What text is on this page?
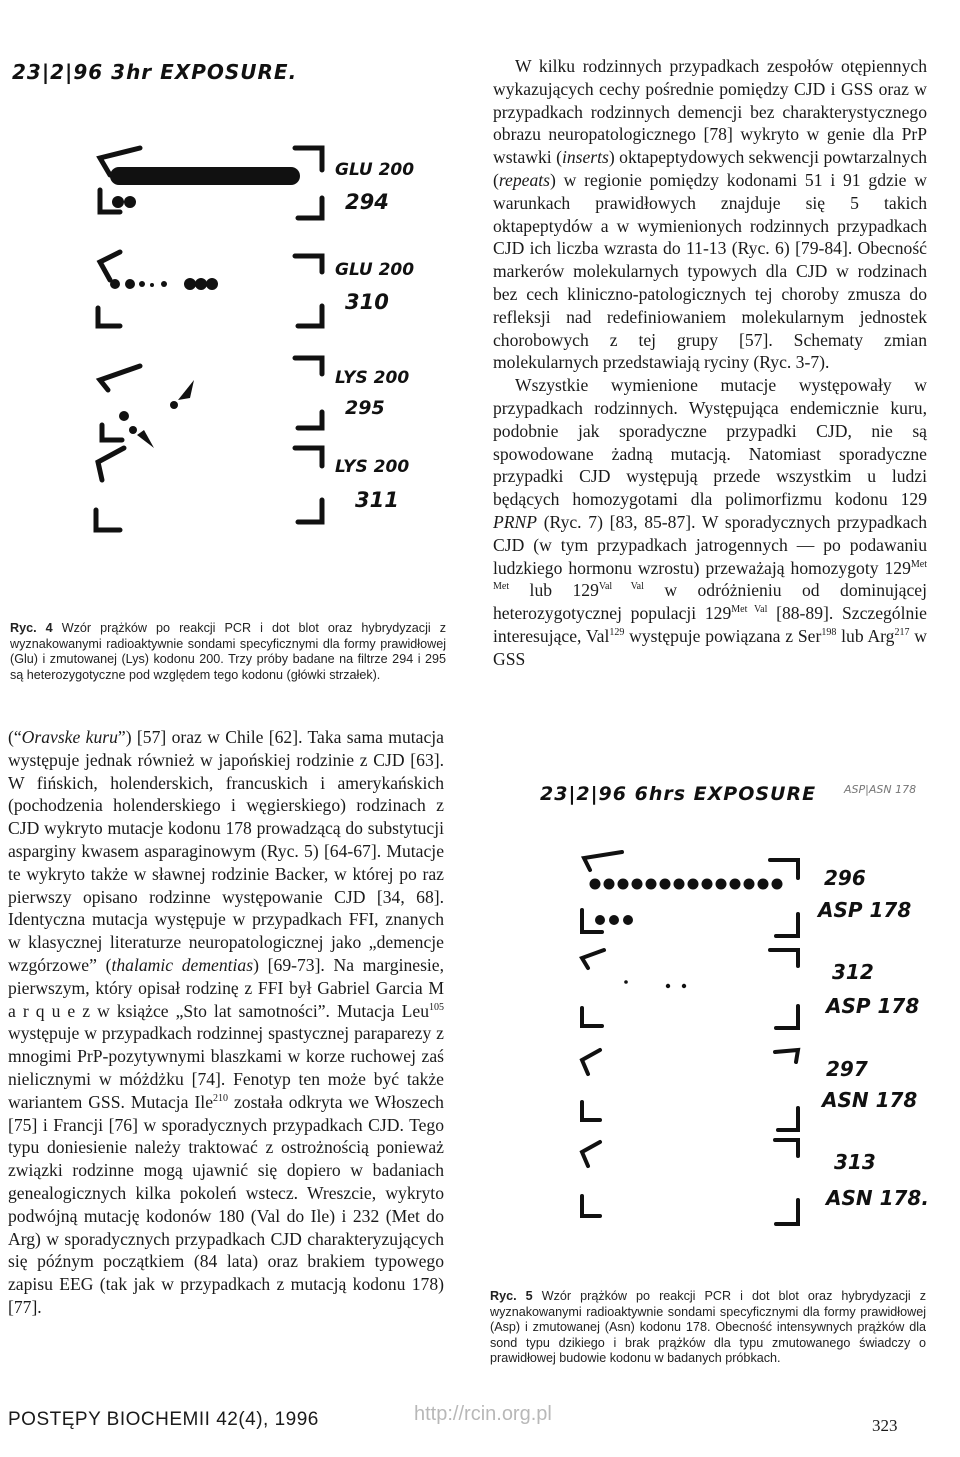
23|2|96 3hr EXPOSURE.
GLU 200
294
GLU 200
310
LYS 200
295
LYS 200
311
Ryc. 4 Wzór prążków po reakcji PCR i dot blot oraz hybrydyzacji z wyznakowanymi radioaktywnie sondami specyficznymi dla formy prawidłowej (Glu) i zmutowanej (Lys) kodonu 200. Trzy próby badane na filtrze 294 i 295 są heterozygotyczne pod względem tego kodonu (główki strzałek).

(“Oravske kuru”) [57] oraz w Chile [62]. Taka sama mutacja występuje jednak również w japońskiej rodzinie z CJD [63]. W fińskich, holenderskich, francuskich i amerykańskich (pochodzenia holenderskiego i węgierskiego) rodzinach z CJD wykryto mutacje kodonu 178 prowadzącą do substytucji asparginy kwasem asparaginowym (Ryc. 5) [64-67]. Mutacje te wykryto także w sławnej rodzinie Backer, w której po raz pierwszy opisano rodzinne występowanie CJD [34, 68]. Identyczna mutacja występuje w przypadkach FFI, znanych w klasycznej literaturze neuropatologicznej jako „demencje wzgórzowe” (thalamic dementias) [69-73]. Na marginesie, pierwszym, który opisał rodzinę z FFI był Gabriel Garcia M a r q u e z w książce „Sto lat samotności”. Mutacja Leu$^{105}$ występuje w przypadkach rodzinnej spastycznej paraparezy z mnogimi PrP-pozytywnymi blaszkami w korze ruchowej zaś nielicznymi w móżdżku [74]. Fenotyp ten może być także wariantem GSS. Mutacja Ile$^{210}$ została odkryta we Włoszech [75] i Francji [76] w sporadycznych przypadkach CJD. Tego typu doniesienie należy traktować z ostrożnością ponieważ związki rodzinne mogą ujawnić się dopiero w badaniach genealogicznych kilka pokoleń wstecz. Wreszcie, wykryto podwójną mutację kodonów 180 (Val do Ile) i 232 (Met do Arg) w sporadycznych przypadkach CJD charakteryzujących się późnym początkiem (84 lata) oraz brakiem typowego zapisu EEG (tak jak w przypadkach z mutacją kodonu 178) [77].

W kilku rodzinnych przypadkach zespołów otępiennych wykazujących cechy pośrednie pomiędzy CJD i GSS oraz w przypadkach rodzinnych demencji bez charakterystycznego obrazu neuropatologicznego [78] wykryto w genie dla PrP wstawki (inserts) oktapeptydowych sekwencji powtarzalnych (repeats) w regionie pomiędzy kodonami 51 i 91 gdzie w warunkach prawidłowych znajduje się 5 takich oktapeptydów a w wymienionych rodzinnych przypadkach CJD ich liczba wzrasta do 11-13 (Ryc. 6) [79-84]. Obecność markerów molekularnych typowych dla CJD w rodzinach bez cech kliniczno-patologicznych tej choroby zmusza do refleksji nad redefiniowaniem molekularnym jednostek chorobowych z tej grupy [57]. Schematy zmian molekularnych przedstawiają ryciny (Ryc. 3-7).

Wszystkie wymienione mutacje występowały w przypadkach rodzinnych. Występująca endemicznie kuru, podobnie jak sporadyczne przypadki CJD, nie są spowodowane żadną mutacją. Natomiast sporadyczne przypadki CJD występują przede wszystkim u ludzi będących homozygotami dla polimorfizmu kodonu 129 PRNP (Ryc. 7) [83, 85-87]. W sporadycznych przypadkach CJD (w tym przypadkach jatrogennych — po podawaniu ludzkiego hormonu wzrostu) przeważają homozygoty $129^{Met Met}$ lub $129^{Val Val}$ w odróżnieniu od dominującej heterozygotycznej populacji $129^{Met Val}$ [88-89]. Szczególnie interesujące, Val$^{129}$ występuje powiązana z Ser$^{198}$ lub Arg$^{217}$ w GSS

23|2|96 6hrs EXPOSURE	ASP|ASN 178
296
ASP 178
312
ASP 178
297
ASN 178
313
ASN 178.
Ryc. 5 Wzór prążków po reakcji PCR i dot blot oraz hybrydyzacji z wyznakowanymi radioaktywnie sondami specyficznymi dla formy prawidłowej (Asp) i zmutowanej (Asn) kodonu 178. Obecność intensywnych prążków dla sond typu dzikiego i brak prążków dla typu zmutowanego świadczy o prawidłowej budowie kodonu w badanych próbkach.
POSTĘPY BIOCHEMII 42(4), 1996	http://rcin.org.pl
323
